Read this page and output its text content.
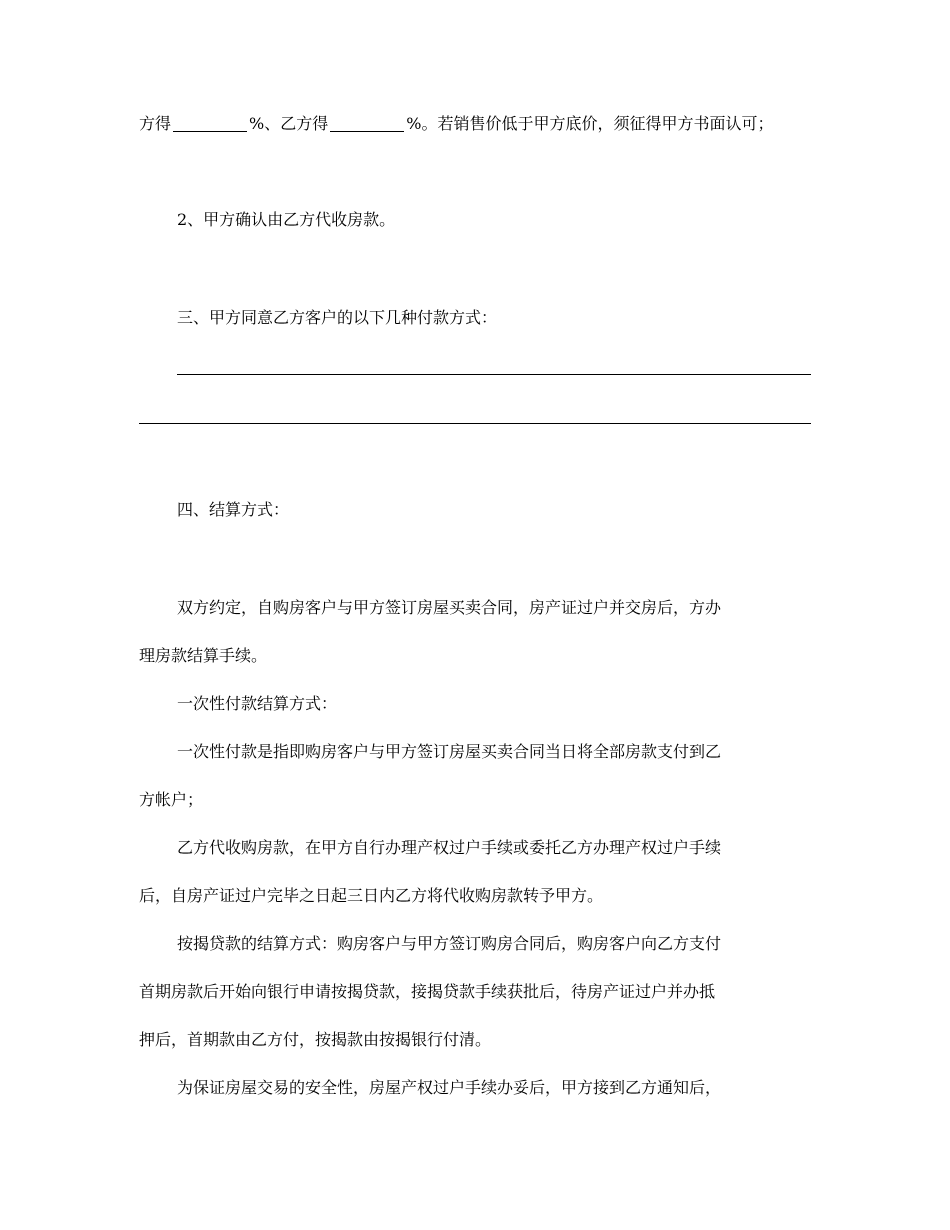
方得	%、乙方得	%。若销售价低于甲方底价，须征得甲方书面认可；

2、甲方确认由乙方代收房款。

三、甲方同意乙方客户的以下几种付款方式：

四、结算方式：

双方约定，自购房客户与甲方签订房屋买卖合同，房产证过户并交房后，方办

理房款结算手续。

一次性付款结算方式：

一次性付款是指即购房客户与甲方签订房屋买卖合同当日将全部房款支付到乙

方帐户；

乙方代收购房款，在甲方自行办理产权过户手续或委托乙方办理产权过户手续

后，自房产证过户完毕之日起三日内乙方将代收购房款转予甲方。

按揭贷款的结算方式：购房客户与甲方签订购房合同后，购房客户向乙方支付

首期房款后开始向银行申请按揭贷款，接揭贷款手续获批后，待房产证过户并办抵

押后，首期款由乙方付，按揭款由按揭银行付清。

为保证房屋交易的安全性，房屋产权过户手续办妥后，甲方接到乙方通知后，
